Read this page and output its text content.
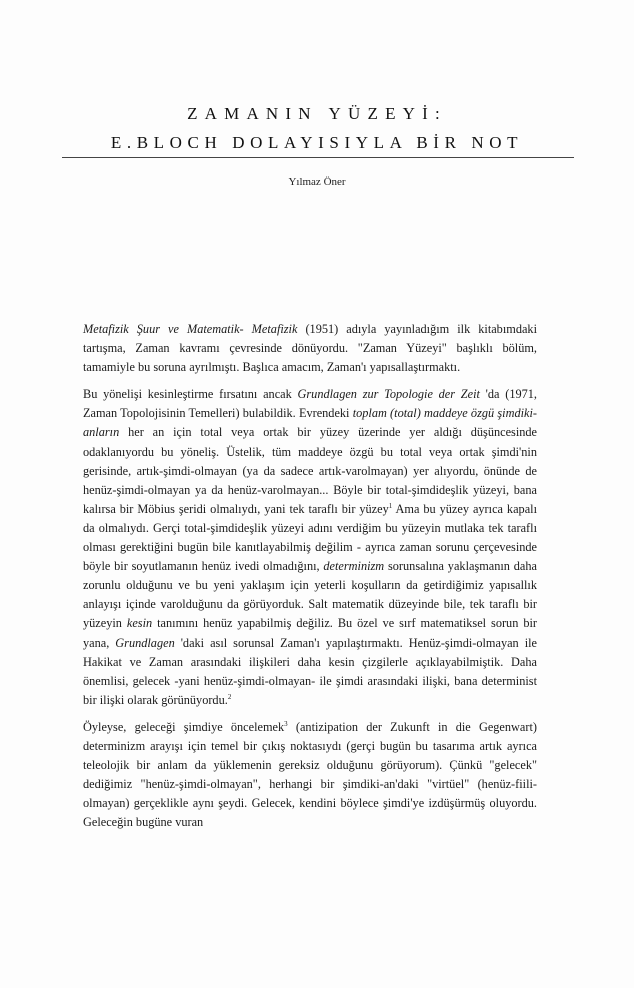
ZAMANIN YÜZEYİ:
E.BLOCH DOLAYISIYLA BİR NOT
Yılmaz Öner

Metafizik Şuur ve Matematik- Metafizik (1951) adıyla yayınladığım ilk kitabımdaki tartışma, Zaman kavramı çevresinde dönüyordu. "Zaman Yüzeyi" başlıklı bölüm, tamamiyle bu soruna ayrılmıştı. Başlıca amacım, Zaman'ı yapısallaştırmaktı.

Bu yönelişi kesinleştirme fırsatını ancak Grundlagen zur Topologie der Zeit 'da (1971, Zaman Topolojisinin Temelleri) bulabildik. Evrendeki toplam (total) maddeye özgü şimdiki-anların her an için total veya ortak bir yüzey üzerinde yer aldığı düşüncesinde odaklanıyordu bu yöneliş. Üstelik, tüm maddeye özgü bu total veya ortak şimdi'nin gerisinde, artık-şimdi-olmayan (ya da sadece artık-varolmayan) yer alıyordu, önünde de henüz-şimdi-olmayan ya da henüz-varolmayan... Böyle bir total-şimdideşlik yüzeyi, bana kalırsa bir Möbius şeridi olmalıydı, yani tek taraflı bir yüzey$^1$ Ama bu yüzey ayrıca kapalı da olmalıydı. Gerçi total-şimdideşlik yüzeyi adını verdiğim bu yüzeyin mutlaka tek taraflı olması gerektiğini bugün bile kanıtlayabilmiş değilim - ayrıca zaman sorunu çerçevesinde böyle bir soyutlamanın henüz ivedi olmadığını, determinizm sorunsalına yaklaşmanın daha zorunlu olduğunu ve bu yeni yaklaşım için yeterli koşulların da getirdiğimiz yapısallık anlayışı içinde varolduğunu da görüyorduk. Salt matematik düzeyinde bile, tek taraflı bir yüzeyin kesin tanımını henüz yapabilmiş değiliz. Bu özel ve sırf matematiksel sorun bir yana, Grundlagen 'daki asıl sorunsal Zaman'ı yapılaştırmaktı. Henüz-şimdi-olmayan ile Hakikat ve Zaman arasındaki ilişkileri daha kesin çizgilerle açıklayabilmiştik. Daha önemlisi, gelecek -yani henüz-şimdi-olmayan- ile şimdi arasındaki ilişki, bana determinist bir ilişki olarak görünüyordu.$^2$

Öyleyse, geleceği şimdiye öncelemek$^3$ (antizipation der Zukunft in die Gegenwart) determinizm arayışı için temel bir çıkış noktasıydı (gerçi bugün bu tasarıma artık ayrıca teleolojik bir anlam da yüklemenin gereksiz olduğunu görüyorum). Çünkü "gelecek" dediğimiz "henüz-şimdi-olmayan", herhangi bir şimdiki-an'daki "virtüel" (henüz-fiili-olmayan) gerçeklikle aynı şeydi. Gelecek, kendini böylece şimdi'ye izdüşürmüş oluyordu. Geleceğin bugüne vuran
